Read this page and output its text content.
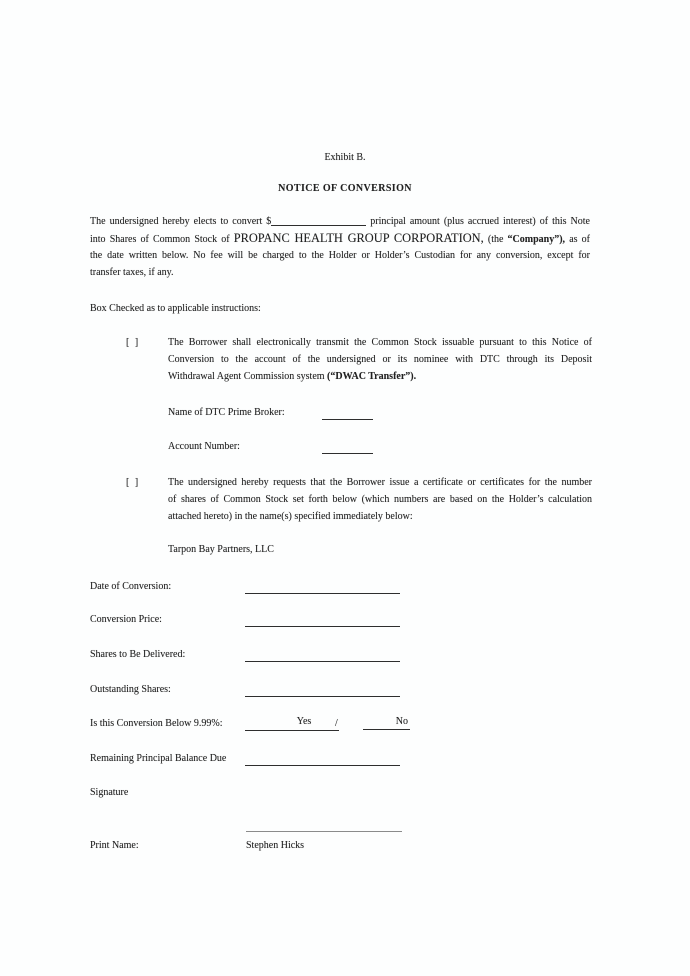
Exhibit B.
NOTICE OF CONVERSION
The undersigned hereby elects to convert $	principal amount (plus accrued interest) of this Note
into Shares of Common Stock of PROPANC HEALTH GROUP CORPORATION, (the “Company”), as of
the date written below. No fee will be charged to the Holder or Holder’s Custodian for any conversion, except for
transfer taxes, if any.
Box Checked as to applicable instructions:
[ ]	The Borrower shall electronically transmit the Common Stock issuable pursuant to this Notice of
Conversion to the account of the undersigned or its nominee with DTC through its Deposit
Withdrawal Agent Commission system (“DWAC Transfer”).
Name of DTC Prime Broker:
Account Number:
[ ]	The undersigned hereby requests that the Borrower issue a certificate or certificates for the number
of shares of Common Stock set forth below (which numbers are based on the Holder’s calculation
attached hereto) in the name(s) specified immediately below:
Tarpon Bay Partners, LLC
Date of Conversion:
Conversion Price:
Shares to Be Delivered:
Outstanding Shares:
Is this Conversion Below 9.99%:	Yes	/	No
Remaining Principal Balance Due
Signature
Print Name:	Stephen Hicks
